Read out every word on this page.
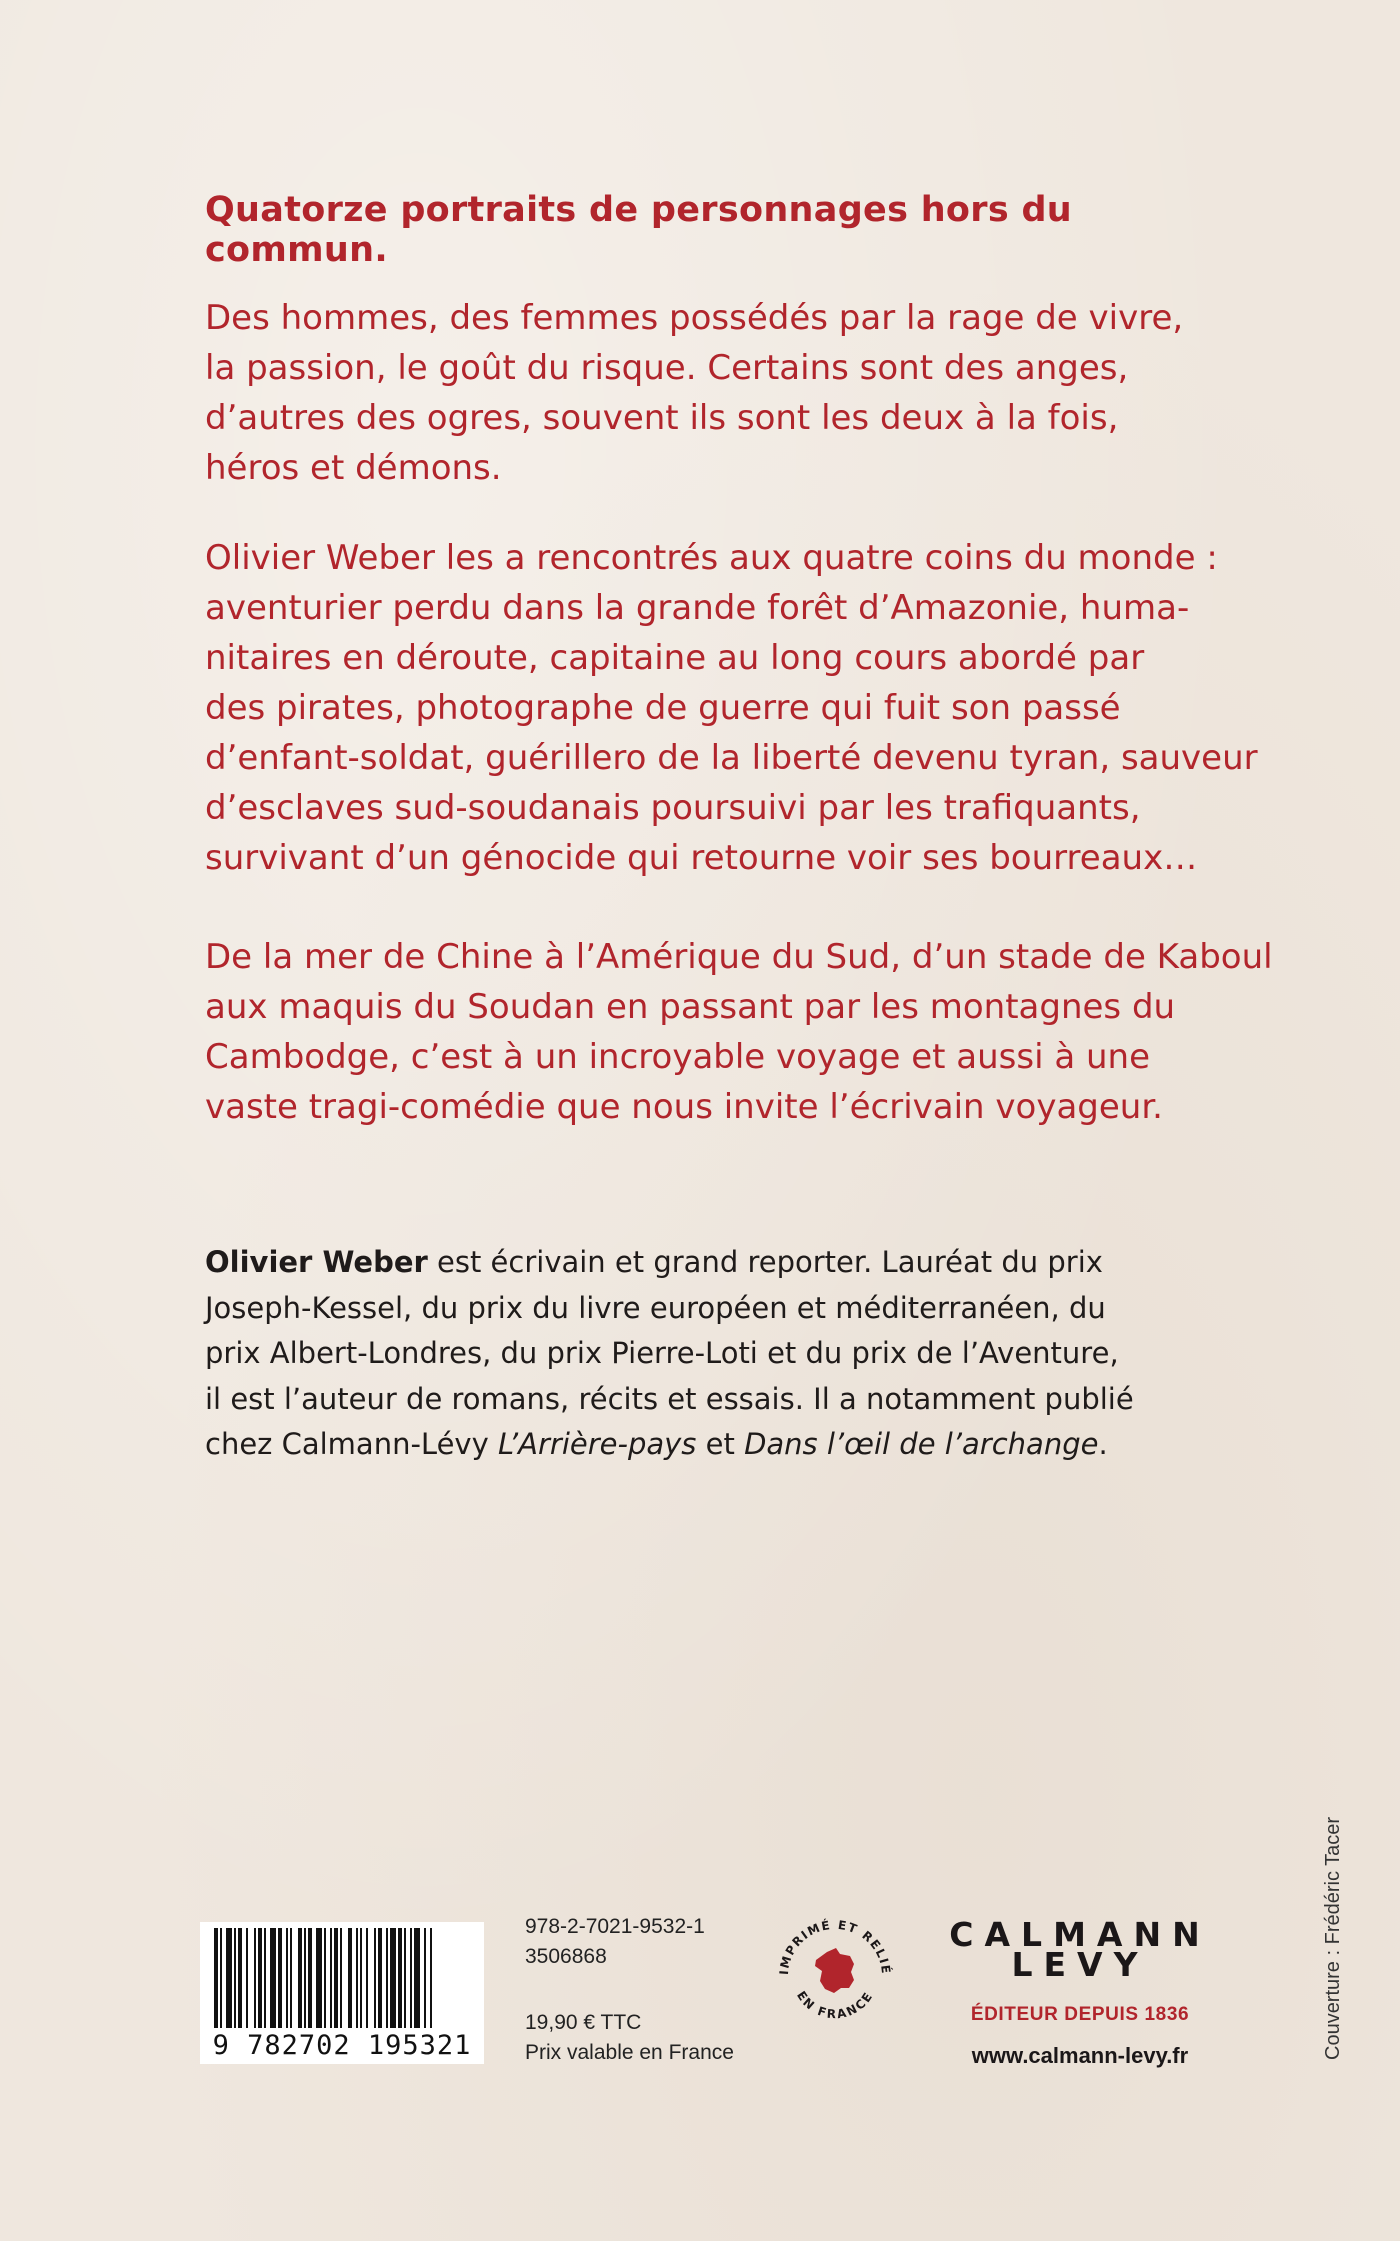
Quatorze portraits de personnages hors du commun.

Des hommes, des femmes possédés par la rage de vivre,
la passion, le goût du risque. Certains sont des anges,
d’autres des ogres, souvent ils sont les deux à la fois,
héros et démons.

Olivier Weber les a rencontrés aux quatre coins du monde :
aventurier perdu dans la grande forêt d’Amazonie, huma-
nitaires en déroute, capitaine au long cours abordé par
des pirates, photographe de guerre qui fuit son passé
d’enfant-soldat, guérillero de la liberté devenu tyran, sauveur
d’esclaves sud-soudanais poursuivi par les trafiquants,
survivant d’un génocide qui retourne voir ses bourreaux…

De la mer de Chine à l’Amérique du Sud, d’un stade de Kaboul
aux maquis du Soudan en passant par les montagnes du
Cambodge, c’est à un incroyable voyage et aussi à une
vaste tragi-comédie que nous invite l’écrivain voyageur.

Olivier Weber est écrivain et grand reporter. Lauréat du prix
Joseph-Kessel, du prix du livre européen et méditerranéen, du
prix Albert-Londres, du prix Pierre-Loti et du prix de l’Aventure,
il est l’auteur de romans, récits et essais. Il a notamment publié
chez Calmann-Lévy L’Arrière-pays et Dans l’œil de l’archange.

9 782702 195321
978-2-7021-9532-1
3506868
19,90 € TTC
Prix valable en France
IMPRIMÉ ET RELIÉ
EN FRANCE
CALMANN
LEVY
ÉDITEUR DEPUIS 1836
www.calmann-levy.fr	Couverture : Frédéric Tacer
